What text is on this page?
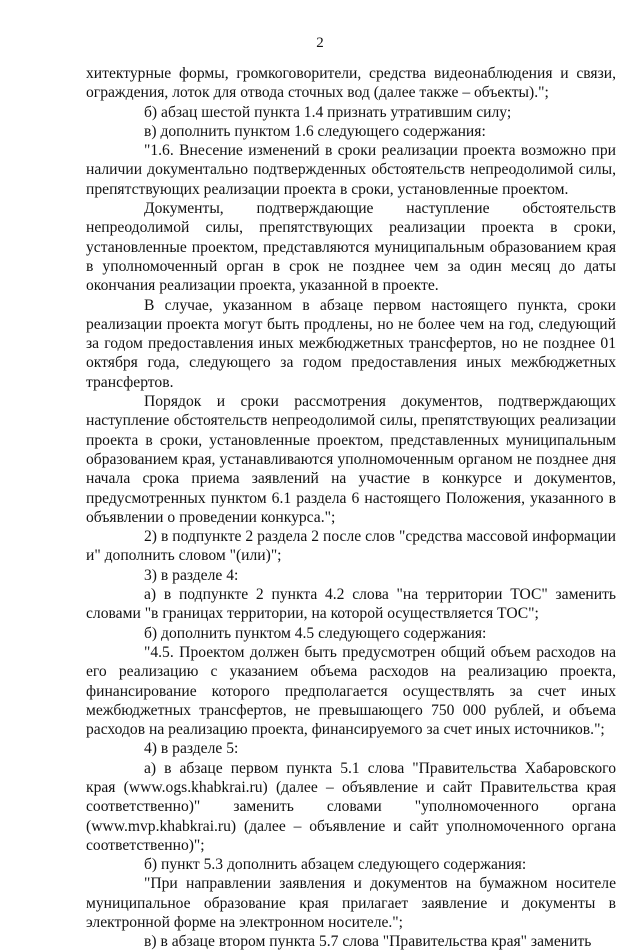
2

хитектурные формы, громкоговорители, средства видеонаблюдения и связи, ограждения, лоток для отвода сточных вод (далее также – объекты).";

б) абзац шестой пункта 1.4 признать утратившим силу;

в) дополнить пунктом 1.6 следующего содержания:

"1.6. Внесение изменений в сроки реализации проекта возможно при наличии документально подтвержденных обстоятельств непреодолимой силы, препятствующих реализации проекта в сроки, установленные проектом.

Документы, подтверждающие наступление обстоятельств непреодолимой силы, препятствующих реализации проекта в сроки, установленные проектом, представляются муниципальным образованием края в уполномоченный орган в срок не позднее чем за один месяц до даты окончания реализации проекта, указанной в проекте.

В случае, указанном в абзаце первом настоящего пункта, сроки реализации проекта могут быть продлены, но не более чем на год, следующий за годом предоставления иных межбюджетных трансфертов, но не позднее 01 октября года, следующего за годом предоставления иных межбюджетных трансфертов.

Порядок и сроки рассмотрения документов, подтверждающих наступление обстоятельств непреодолимой силы, препятствующих реализации проекта в сроки, установленные проектом, представленных муниципальным образованием края, устанавливаются уполномоченным органом не позднее дня начала срока приема заявлений на участие в конкурсе и документов, предусмотренных пунктом 6.1 раздела 6 настоящего Положения, указанного в объявлении о проведении конкурса.";

2) в подпункте 2 раздела 2 после слов "средства массовой информации и" дополнить словом "(или)";

3) в разделе 4:

а) в подпункте 2 пункта 4.2 слова "на территории ТОС" заменить словами "в границах территории, на которой осуществляется ТОС";

б) дополнить пунктом 4.5 следующего содержания:

"4.5. Проектом должен быть предусмотрен общий объем расходов на его реализацию с указанием объема расходов на реализацию проекта, финансирование которого предполагается осуществлять за счет иных межбюджетных трансфертов, не превышающего 750 000 рублей, и объема расходов на реализацию проекта, финансируемого за счет иных источников.";

4) в разделе 5:

а) в абзаце первом пункта 5.1 слова "Правительства Хабаровского края (www.ogs.khabkrai.ru) (далее – объявление и сайт Правительства края соответственно)" заменить словами "уполномоченного органа (www.mvp.khabkrai.ru) (далее – объявление и сайт уполномоченного органа соответственно)";

б) пункт 5.3 дополнить абзацем следующего содержания:

"При направлении заявления и документов на бумажном носителе муниципальное образование края прилагает заявление и документы в электронной форме на электронном носителе.";

в) в абзаце втором пункта 5.7 слова "Правительства края" заменить
